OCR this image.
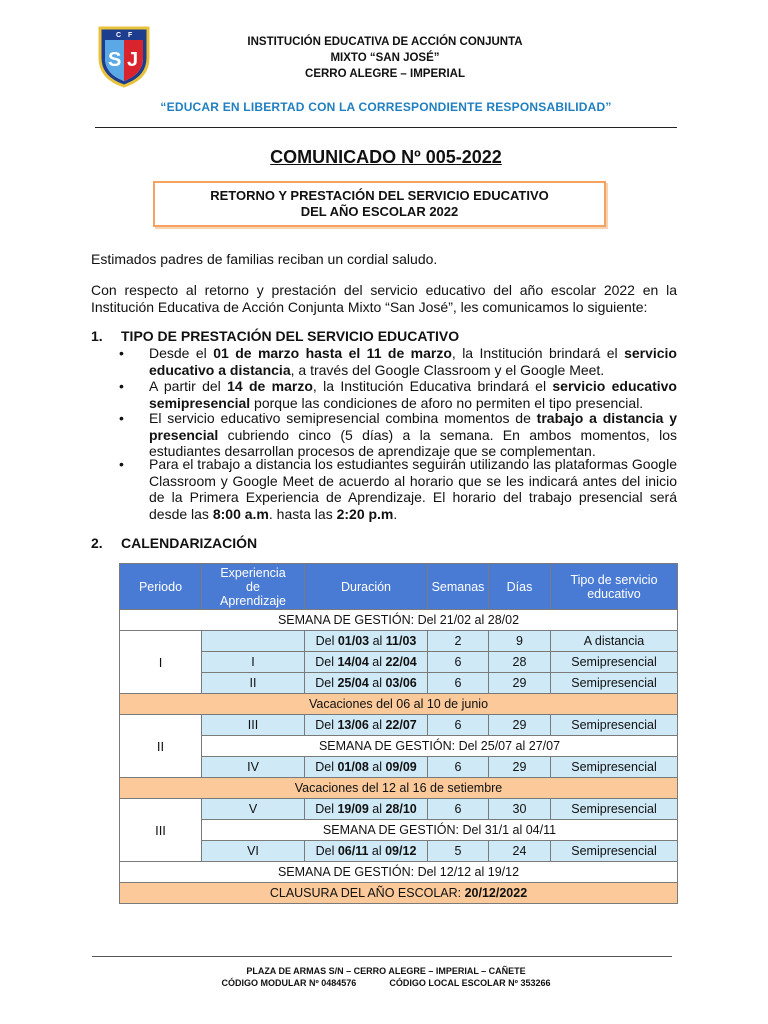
C F
S J
INSTITUCIÓN EDUCATIVA DE ACCIÓN CONJUNTA
MIXTO “SAN JOSÉ”
CERRO ALEGRE – IMPERIAL
“EDUCAR EN LIBERTAD CON LA CORRESPONDIENTE RESPONSABILIDAD”
COMUNICADO Nº 005-2022
RETORNO Y PRESTACIÓN DEL SERVICIO EDUCATIVO
DEL AÑO ESCOLAR 2022
Estimados padres de familias reciban un cordial saludo.
Con respecto al retorno y prestación del servicio educativo del año escolar 2022 en la Institución Educativa de Acción Conjunta Mixto “San José”, les comunicamos lo siguiente:
1. TIPO DE PRESTACIÓN DEL SERVICIO EDUCATIVO
• Desde el 01 de marzo hasta el 11 de marzo, la Institución brindará el servicio educativo a distancia, a través del Google Classroom y el Google Meet.
• A partir del 14 de marzo, la Institución Educativa brindará el servicio educativo semipresencial porque las condiciones de aforo no permiten el tipo presencial.
• El servicio educativo semipresencial combina momentos de trabajo a distancia y presencial cubriendo cinco (5 días) a la semana. En ambos momentos, los estudiantes desarrollan procesos de aprendizaje que se complementan.
• Para el trabajo a distancia los estudiantes seguirán utilizando las plataformas Google Classroom y Google Meet de acuerdo al horario que se les indicará antes del inicio de la Primera Experiencia de Aprendizaje. El horario del trabajo presencial será desde las 8:00 a.m. hasta las 2:20 p.m.
2. CALENDARIZACIÓN
Periodo	Experiencia
de
Aprendizaje	Duración	Semanas	Días	Tipo de servicio
educativo
SEMANA DE GESTIÓN: Del 21/02 al 28/02					
I		Del 01/03 al 11/03	2	9	A distancia
	I	Del 14/04 al 22/04	6	28	Semipresencial
	II	Del 25/04 al 03/06	6	29	Semipresencial
Vacaciones del 06 al 10 de junio					
II	III	Del 13/06 al 22/07	6	29	Semipresencial
	SEMANA DE GESTIÓN: Del 25/07 al 27/07				
	IV	Del 01/08 al 09/09	6	29	Semipresencial
Vacaciones del 12 al 16 de setiembre					
III	V	Del 19/09 al 28/10	6	30	Semipresencial
	SEMANA DE GESTIÓN: Del 31/1 al 04/11				
	VI	Del 06/11 al 09/12	5	24	Semipresencial
SEMANA DE GESTIÓN: Del 12/12 al 19/12					
CLAUSURA DEL AÑO ESCOLAR: 20/12/2022					
PLAZA DE ARMAS S/N – CERRO ALEGRE – IMPERIAL – CAÑETE
CÓDIGO MODULAR Nº 0484576	CÓDIGO LOCAL ESCOLAR Nº 353266
